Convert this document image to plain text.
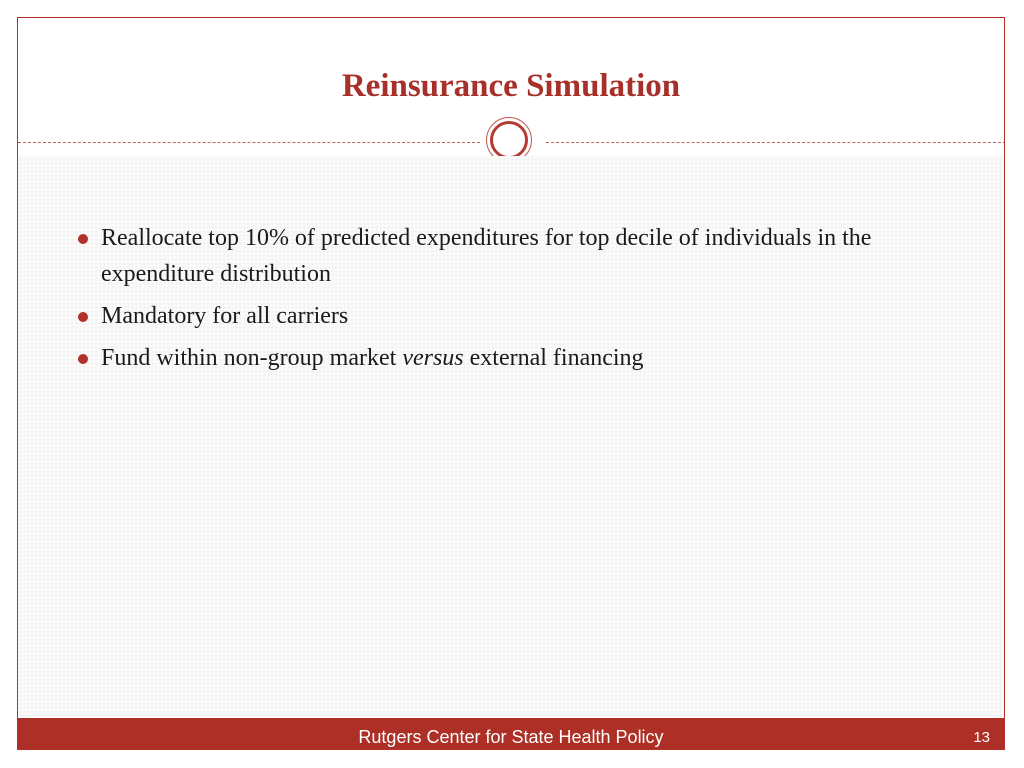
Reinsurance Simulation
Reallocate top 10% of predicted expenditures for top decile of individuals in the expenditure distribution
Mandatory for all carriers
Fund within non-group market versus external financing
Rutgers Center for State Health Policy	13
